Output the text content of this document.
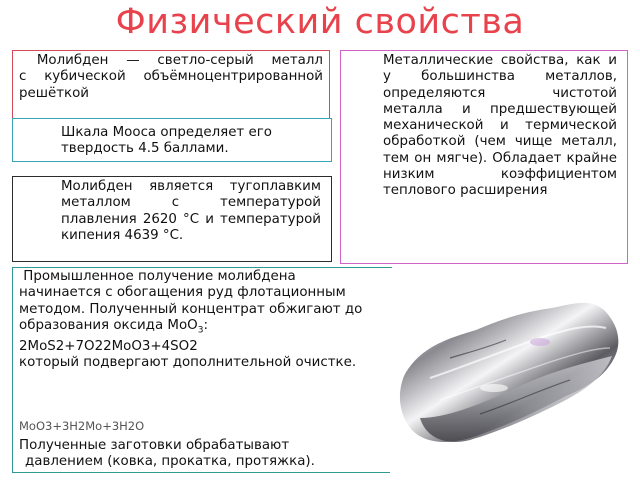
Физический свойства

Молибден — светло-серый металл с кубической объёмноцентрированной решёткой

Металлические свойства, как и у большинства металлов, определяются чистотой металла и предшествующей механической и термической обработкой (чем чище металл, тем он мягче). Обладает крайне низким коэффициентом теплового расширения

Шкала Мооса определяет его твердость 4.5 баллами.

Молибден является тугоплавким металлом с температурой плавления 2620 °C и температурой кипения 4639 °C.

MoO3+3H2Mo+3H2O

Полученные заготовки обрабатывают

давлением (ковка, прокатка, протяжка).

Промышленное получение молибдена начинается с обогащения руд флотационным методом. Полученный концентрат обжигают до образования оксида MoO$_3$:

2MoS2+7O22MoO3+4SO2

который подвергают дополнительной очистке.
